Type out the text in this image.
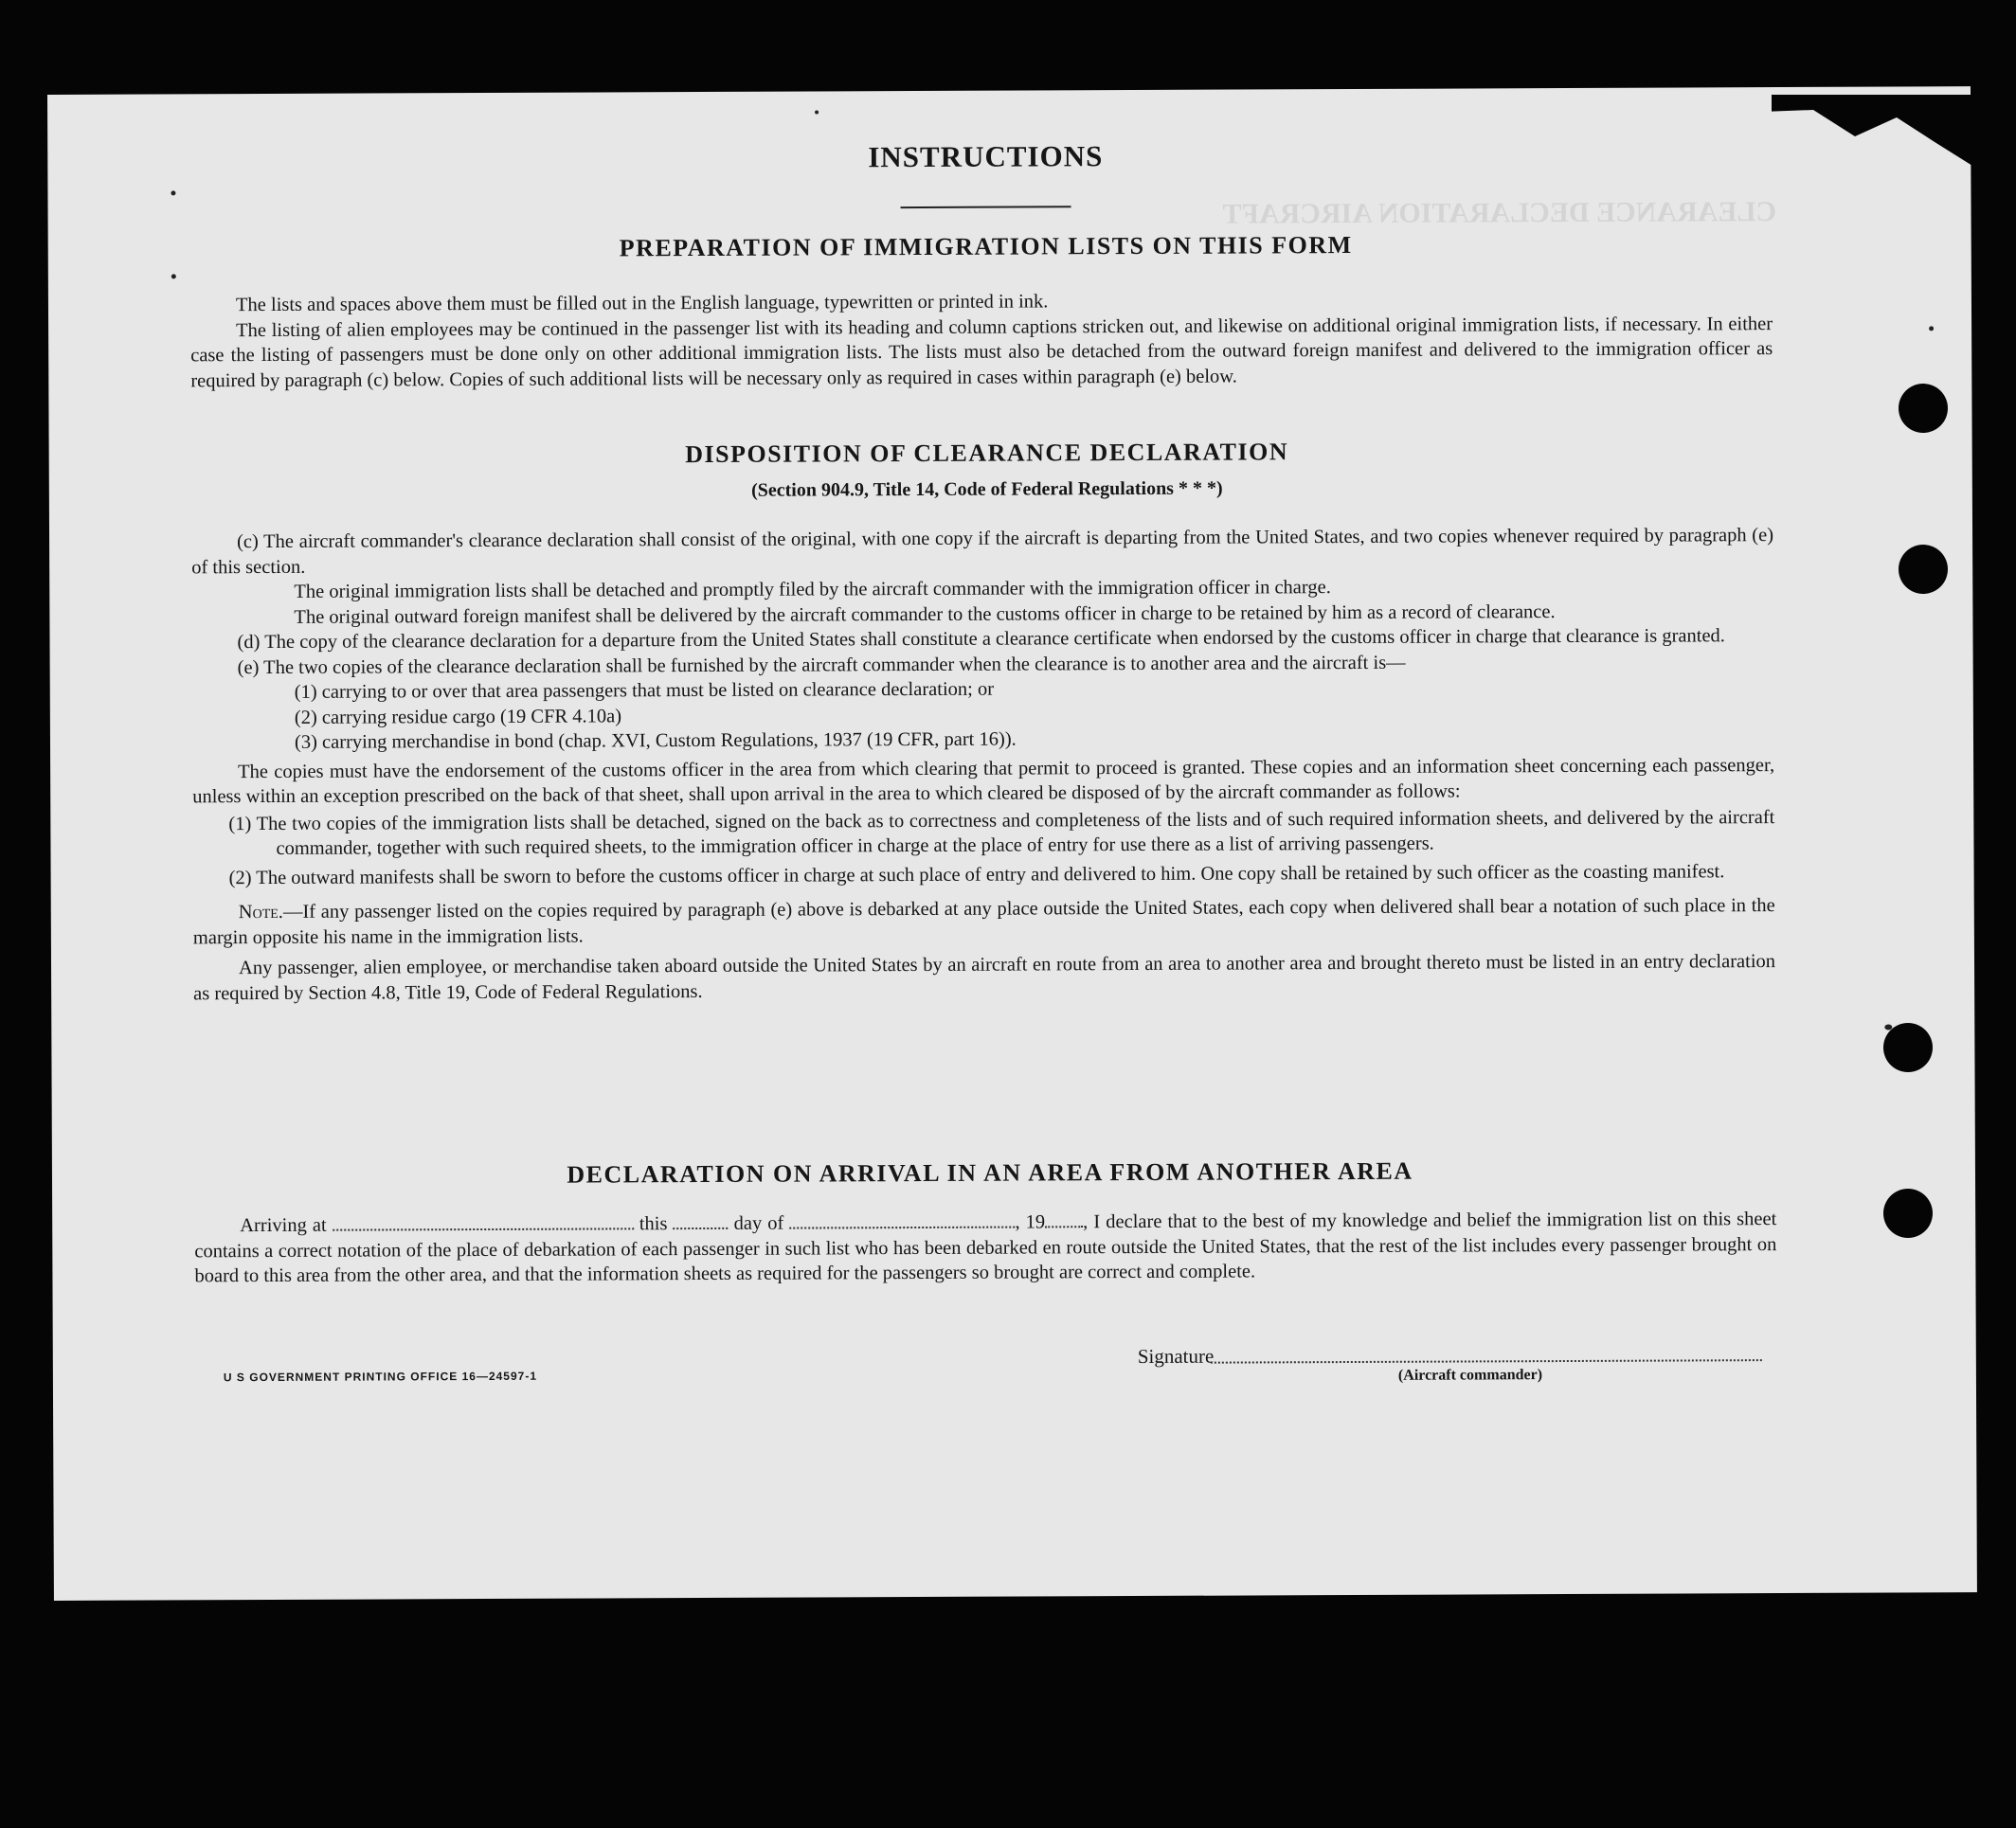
CLEARANCE DECLARATION AIRCRAFT
INSTRUCTIONS
PREPARATION OF IMMIGRATION LISTS ON THIS FORM

The lists and spaces above them must be filled out in the English language, typewritten or printed in ink.

The listing of alien employees may be continued in the passenger list with its heading and column captions stricken out, and likewise on additional original immigration lists, if necessary. In either case the listing of passengers must be done only on other additional immigration lists. The lists must also be detached from the outward foreign manifest and delivered to the immigration officer as required by paragraph (c) below. Copies of such additional lists will be necessary only as required in cases within paragraph (e) below.

DISPOSITION OF CLEARANCE DECLARATION
(Section 904.9, Title 14, Code of Federal Regulations * * *)

(c) The aircraft commander's clearance declaration shall consist of the original, with one copy if the aircraft is departing from the United States, and two copies whenever required by paragraph (e) of this section.

The original immigration lists shall be detached and promptly filed by the aircraft commander with the immigration officer in charge.

The original outward foreign manifest shall be delivered by the aircraft commander to the customs officer in charge to be retained by him as a record of clearance.

(d) The copy of the clearance declaration for a departure from the United States shall constitute a clearance certificate when endorsed by the customs officer in charge that clearance is granted.

(e) The two copies of the clearance declaration shall be furnished by the aircraft commander when the clearance is to another area and the aircraft is—

(1) carrying to or over that area passengers that must be listed on clearance declaration; or

(2) carrying residue cargo (19 CFR 4.10a)

(3) carrying merchandise in bond (chap. XVI, Custom Regulations, 1937 (19 CFR, part 16)).

The copies must have the endorsement of the customs officer in the area from which clearing that permit to proceed is granted. These copies and an information sheet concerning each passenger, unless within an exception prescribed on the back of that sheet, shall upon arrival in the area to which cleared be disposed of by the aircraft commander as follows:

(1) The two copies of the immigration lists shall be detached, signed on the back as to correctness and completeness of the lists and of such required information sheets, and delivered by the aircraft commander, together with such required sheets, to the immigration officer in charge at the place of entry for use there as a list of arriving passengers.

(2) The outward manifests shall be sworn to before the customs officer in charge at such place of entry and delivered to him. One copy shall be retained by such officer as the coasting manifest.

Note.—If any passenger listed on the copies required by paragraph (e) above is debarked at any place outside the United States, each copy when delivered shall bear a notation of such place in the margin opposite his name in the immigration lists.

Any passenger, alien employee, or merchandise taken aboard outside the United States by an aircraft en route from an area to another area and brought thereto must be listed in an entry declaration as required by Section 4.8, Title 19, Code of Federal Regulations.

DECLARATION ON ARRIVAL IN AN AREA FROM ANOTHER AREA

Arriving at	this	day of	, 19 , I declare that to the best of my knowledge and belief the immigration list on this sheet contains a correct notation of the place of debarkation of each passenger in such list who has been debarked en route outside the United States, that the rest of the list includes every passenger brought on board to this area from the other area, and that the information sheets as required for the passengers so brought are correct and complete.

U S GOVERNMENT PRINTING OFFICE 16—24597-1
Signature
(Aircraft commander)
